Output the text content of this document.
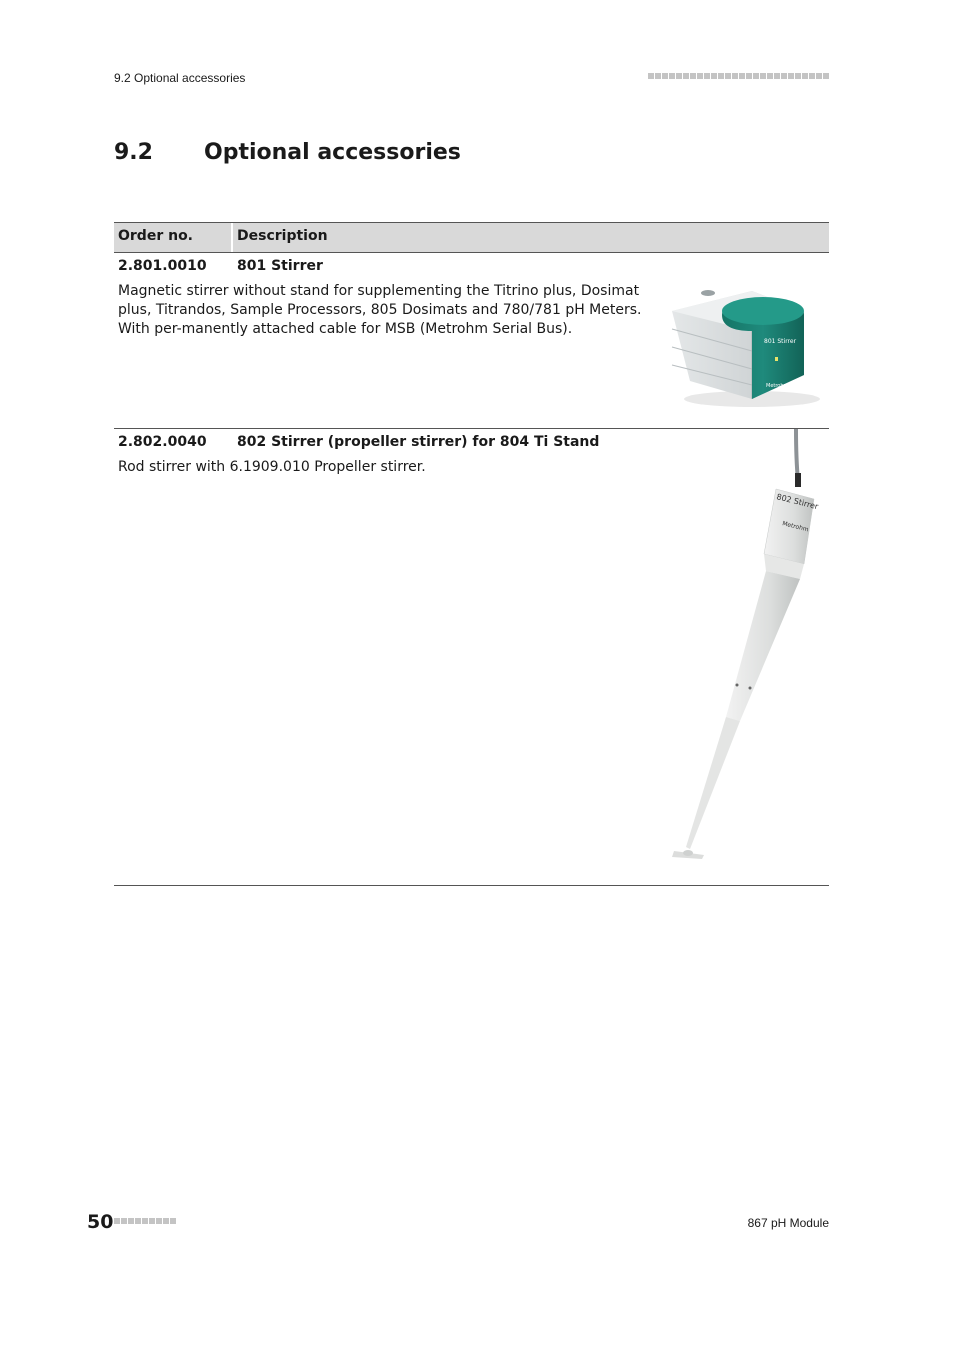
9.2 Optional accessories
9.2	Optional accessories
Order no.	Description
2.801.0010	801 Stirrer
Magnetic stirrer without stand for supplementing the Titrino plus, Dosimat plus, Titrandos, Sample Processors, 805 Dosimats and 780/781 pH Meters. With per-manently attached cable for MSB (Metrohm Serial Bus).
801 Stirrer
Metrohm
2.802.0040	802 Stirrer (propeller stirrer) for 804 Ti Stand
Rod stirrer with 6.1909.010 Propeller stirrer.
802 Stirrer
Metrohm
50	867 pH Module
